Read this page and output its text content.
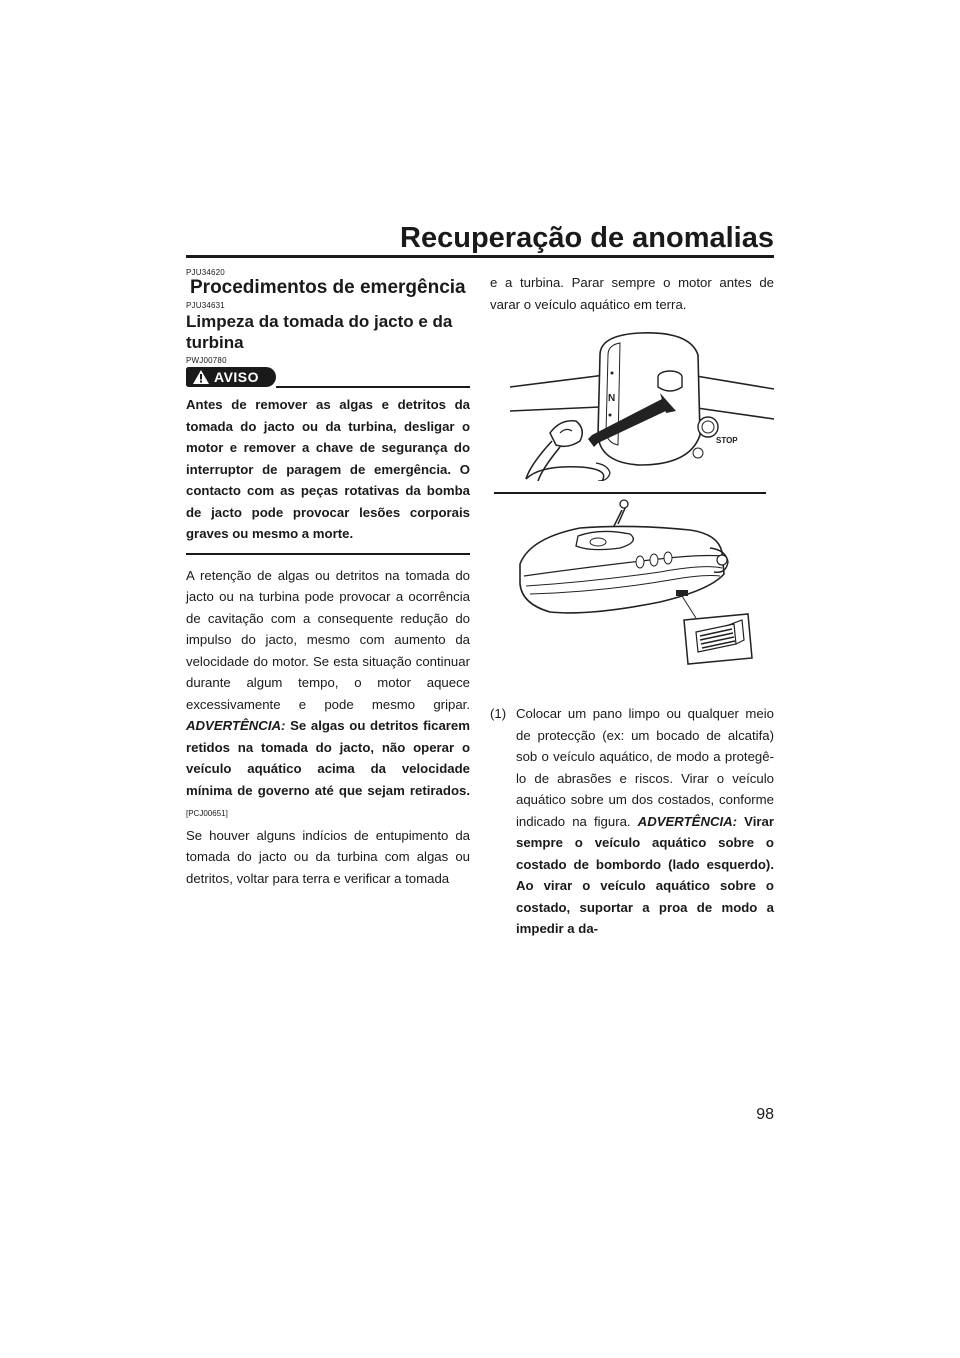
Recuperação de anomalias
PJU34620
Procedimentos de emergência
PJU34631
Limpeza da tomada do jacto e da
turbina
PWJ00780
AVISO
Antes de remover as algas e detritos da tomada do jacto ou da turbina, desligar o motor e remover a chave de segurança do interruptor de paragem de emergência. O contacto com as peças rotativas da bomba de jacto pode provocar lesões corporais graves ou mesmo a morte.

A retenção de algas ou detritos na tomada do jacto ou na turbina pode provocar a ocorrência de cavitação com a consequente redução do impulso do jacto, mesmo com aumento da velocidade do motor. Se esta situação continuar durante algum tempo, o motor aquece excessivamente e pode mesmo gripar. ADVERTÊNCIA: Se algas ou detritos ficarem retidos na tomada do jacto, não operar o veículo aquático acima da velocidade mínima de governo até que sejam retirados. [PCJ00651]

Se houver alguns indícios de entupimento da tomada do jacto ou da turbina com algas ou detritos, voltar para terra e verificar a tomada

e a turbina. Parar sempre o motor antes de varar o veículo aquático em terra.
N
STOP
(1) Colocar um pano limpo ou qualquer meio de protecção (ex: um bocado de alcatifa) sob o veículo aquático, de modo a protegê-lo de abrasões e riscos. Virar o veículo aquático sobre um dos costados, conforme indicado na figura. ADVERTÊNCIA: Virar sempre o veículo aquático sobre o costado de bombordo (lado esquerdo). Ao virar o veículo aquático sobre o costado, suportar a proa de modo a impedir a da-
98
